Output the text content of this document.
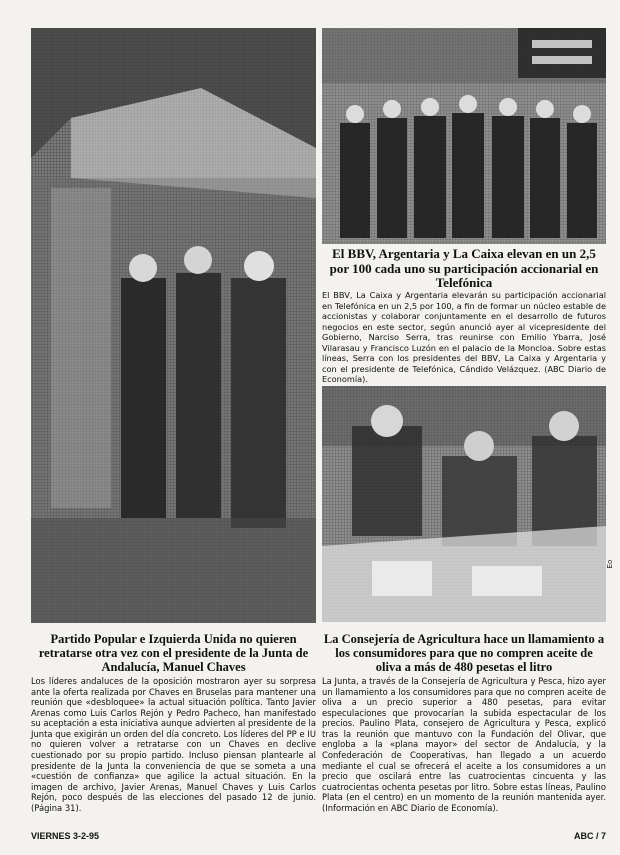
El BBV, Argentaria y La Caixa elevan en un 2,5 por 100 cada uno su participación accionarial en Telefónica
El BBV, La Caixa y Argentaria elevarán su participación accionarial en Telefónica en un 2,5 por 100, a fin de formar un núcleo estable de accionistas y colaborar conjuntamente en el desarrollo de futuros negocios en este sector, según anunció ayer al vicepresidente del Gobierno, Narciso Serra, tras reunirse con Emilio Ybarra, José Vilarasau y Francisco Luzón en el palacio de la Moncloa. Sobre estas líneas, Serra con los presidentes del BBV, La Caixa y Argentaria y con el presidente de Telefónica, Cándido Velázquez. (ABC Diario de Economía).
Eo
Partido Popular e Izquierda Unida no quieren retratarse otra vez con el presidente de la Junta de Andalucía, Manuel Chaves
Los líderes andaluces de la oposición mostraron ayer su sorpresa ante la oferta realizada por Chaves en Bruselas para mantener una reunión que «desbloquee» la actual situación política. Tanto Javier Arenas como Luis Carlos Rejón y Pedro Pacheco, han manifestado su aceptación a esta iniciativa aunque advierten al presidente de la Junta que exigirán un orden del día concreto. Los líderes del PP e IU no quieren volver a retratarse con un Chaves en declive cuestionado por su propio partido. Incluso piensan plantearle al presidente de la Junta la conveniencia de que se someta a una «cuestión de confianza» que agilice la actual situación. En la imagen de archivo, Javier Arenas, Manuel Chaves y Luis Carlos Rejón, poco después de las elecciones del pasado 12 de junio. (Página 31).
La Consejería de Agricultura hace un llamamiento a los consumidores para que no compren aceite de oliva a más de 480 pesetas el litro
La Junta, a través de la Consejería de Agricultura y Pesca, hizo ayer un llamamiento a los consumidores para que no compren aceite de oliva a un precio superior a 480 pesetas, para evitar especulaciones que provocarían la subida espectacular de los precios. Paulino Plata, consejero de Agricultura y Pesca, explicó tras la reunión que mantuvo con la Fundación del Olivar, que engloba a la «plana mayor» del sector de Andalucía, y la Confederación de Cooperativas, han llegado a un acuerdo mediante el cual se ofrecerá el aceite a los consumidores a un precio que oscilará entre las cuatrocientas cincuenta y las cuatrocientas ochenta pesetas por litro. Sobre estas líneas, Paulino Plata (en el centro) en un momento de la reunión mantenida ayer. (Información en ABC Diario de Economía).
VIERNES 3-2-95	ABC / 7
